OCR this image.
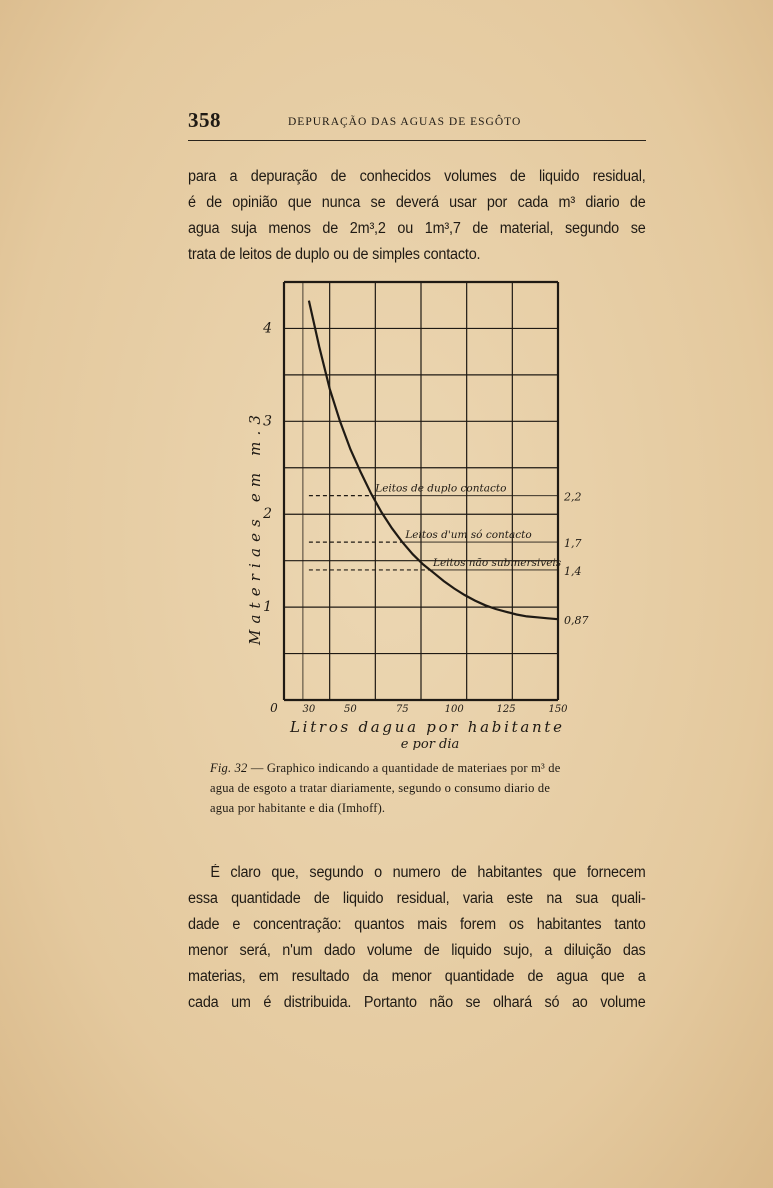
358	DEPURAÇÃO DAS AGUAS DE ESGÔTO
para a depuração de conhecidos volumes de liquido residual,
é de opinião que nunca se deverá usar por cada m³ diario de
agua suja menos de 2m³,2 ou 1m³,7 de material, segundo se
trata de leitos de duplo ou de simples contacto.
1
2
3
4
30	50	75	100	125	150
0
Litros dagua por habitante
e por dia
Materiaes em m.3
Leitos de duplo contacto
2,2
Leitos d'um só contacto
1,7
Leitos não submersiveis
1,4
0,87
Fig. 32 — Graphico indicando a quantidade de materiaes por m³ de
agua de esgoto a tratar diariamente, segundo o consumo diario de
agua por habitante e dia (Imhoff).
É claro que, segundo o numero de habitantes que fornecem
essa quantidade de liquido residual, varia este na sua quali-
dade e concentração: quantos mais forem os habitantes tanto
menor será, n'um dado volume de liquido sujo, a diluição das
materias, em resultado da menor quantidade de agua que a
cada um é distribuida. Portanto não se olhará só ao volume
